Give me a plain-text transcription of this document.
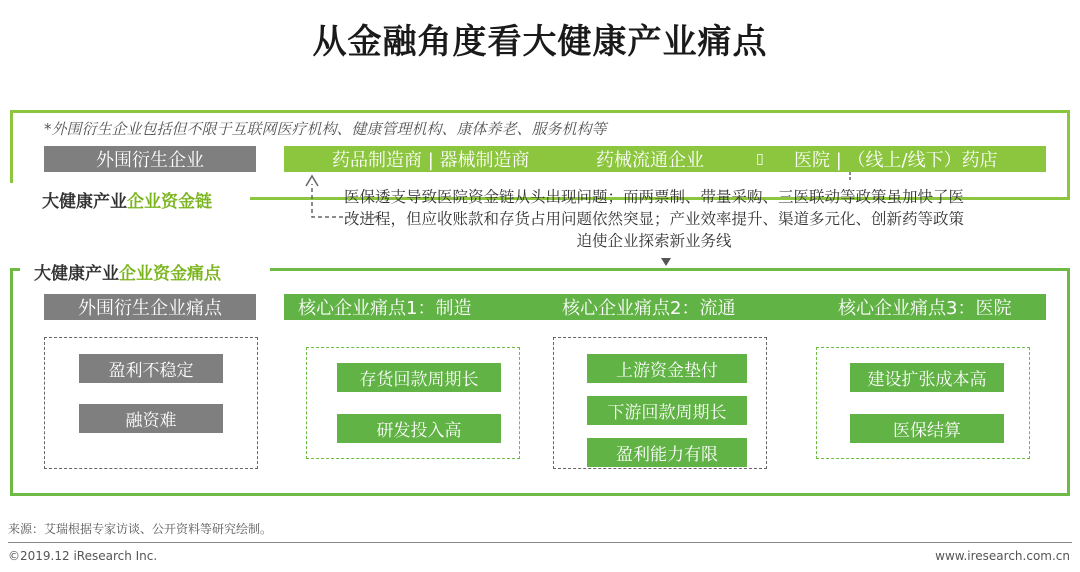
从金融角度看大健康产业痛点
*外围衍生企业包括但不限于互联网医疗机构、健康管理机构、康体养老、服务机构等
外围衍生企业	药品制造商 | 器械制造商	药械流通企业	▯ 医院 | （线上/线下）药店
大健康产业企业资金链	医保透支导致医院资金链从头出现问题；而两票制、带量采购、三医联动等政策虽加快了医改进程，但应收账款和存货占用问题依然突显；产业效率提升、渠道多元化、创新药等政策迫使企业探索新业务线
大健康产业企业资金痛点
外围衍生企业痛点	核心企业痛点1：制造	核心企业痛点2：流通	核心企业痛点3：医院
盈利不稳定
融资难
存货回款周期长
研发投入高
上游资金垫付
下游回款周期长
盈利能力有限
建设扩张成本高
医保结算
来源：艾瑞根据专家访谈、公开资料等研究绘制。
©2019.12 iResearch Inc.	www.iresearch.com.cn
